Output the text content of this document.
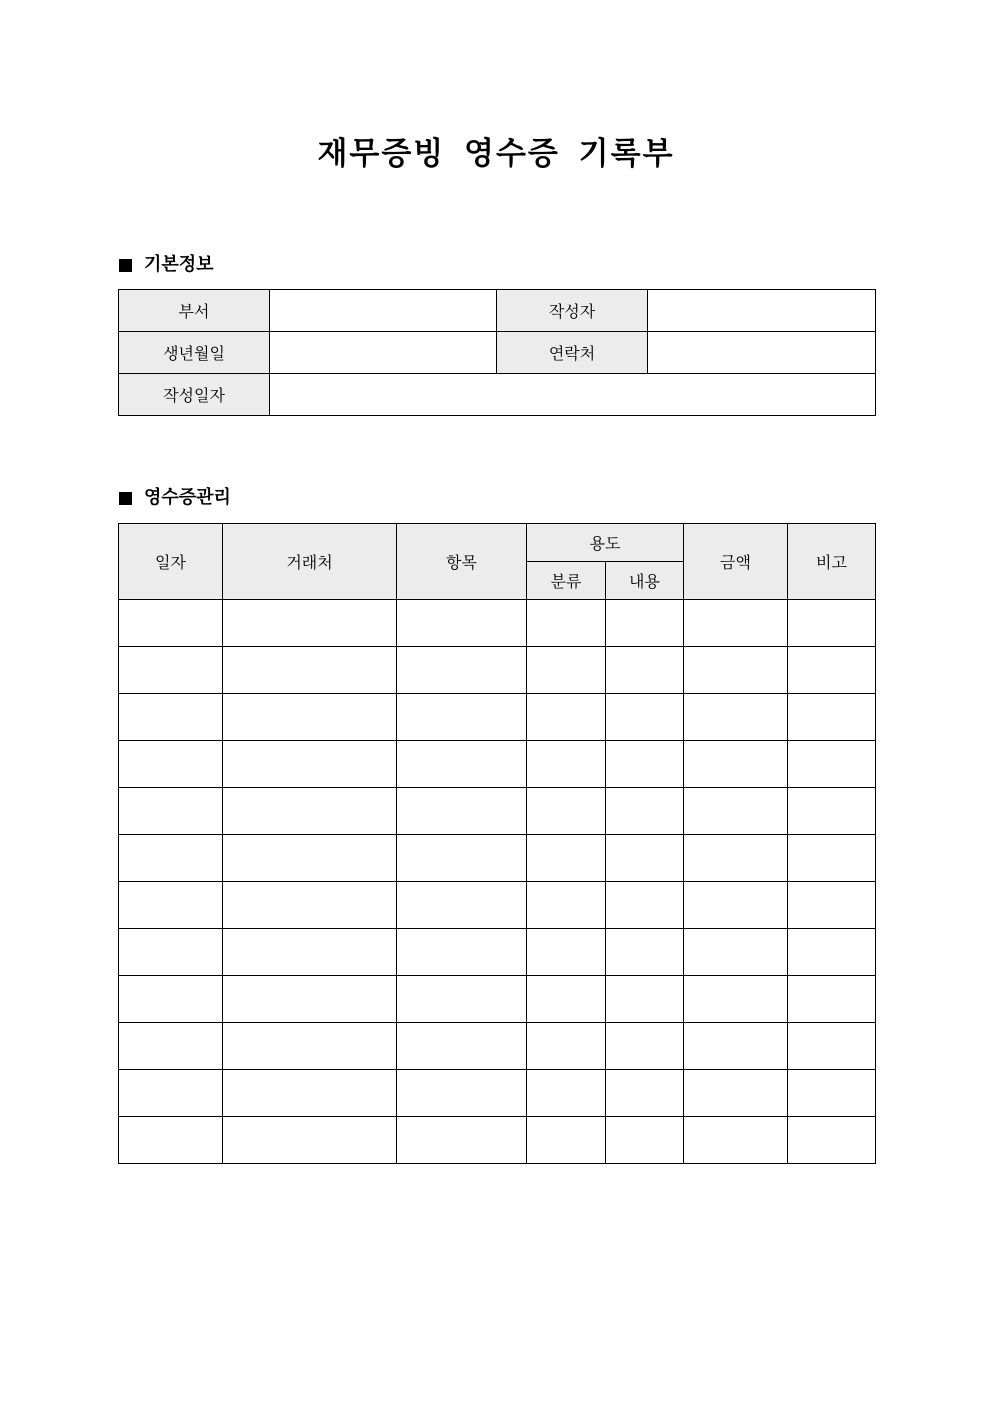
재무증빙 영수증 기록부
기본정보
부서		작성자	
생년월일		연락처	
작성일자			
영수증관리
일자	거래처	항목	용도		금액	비고
			분류	내용		
